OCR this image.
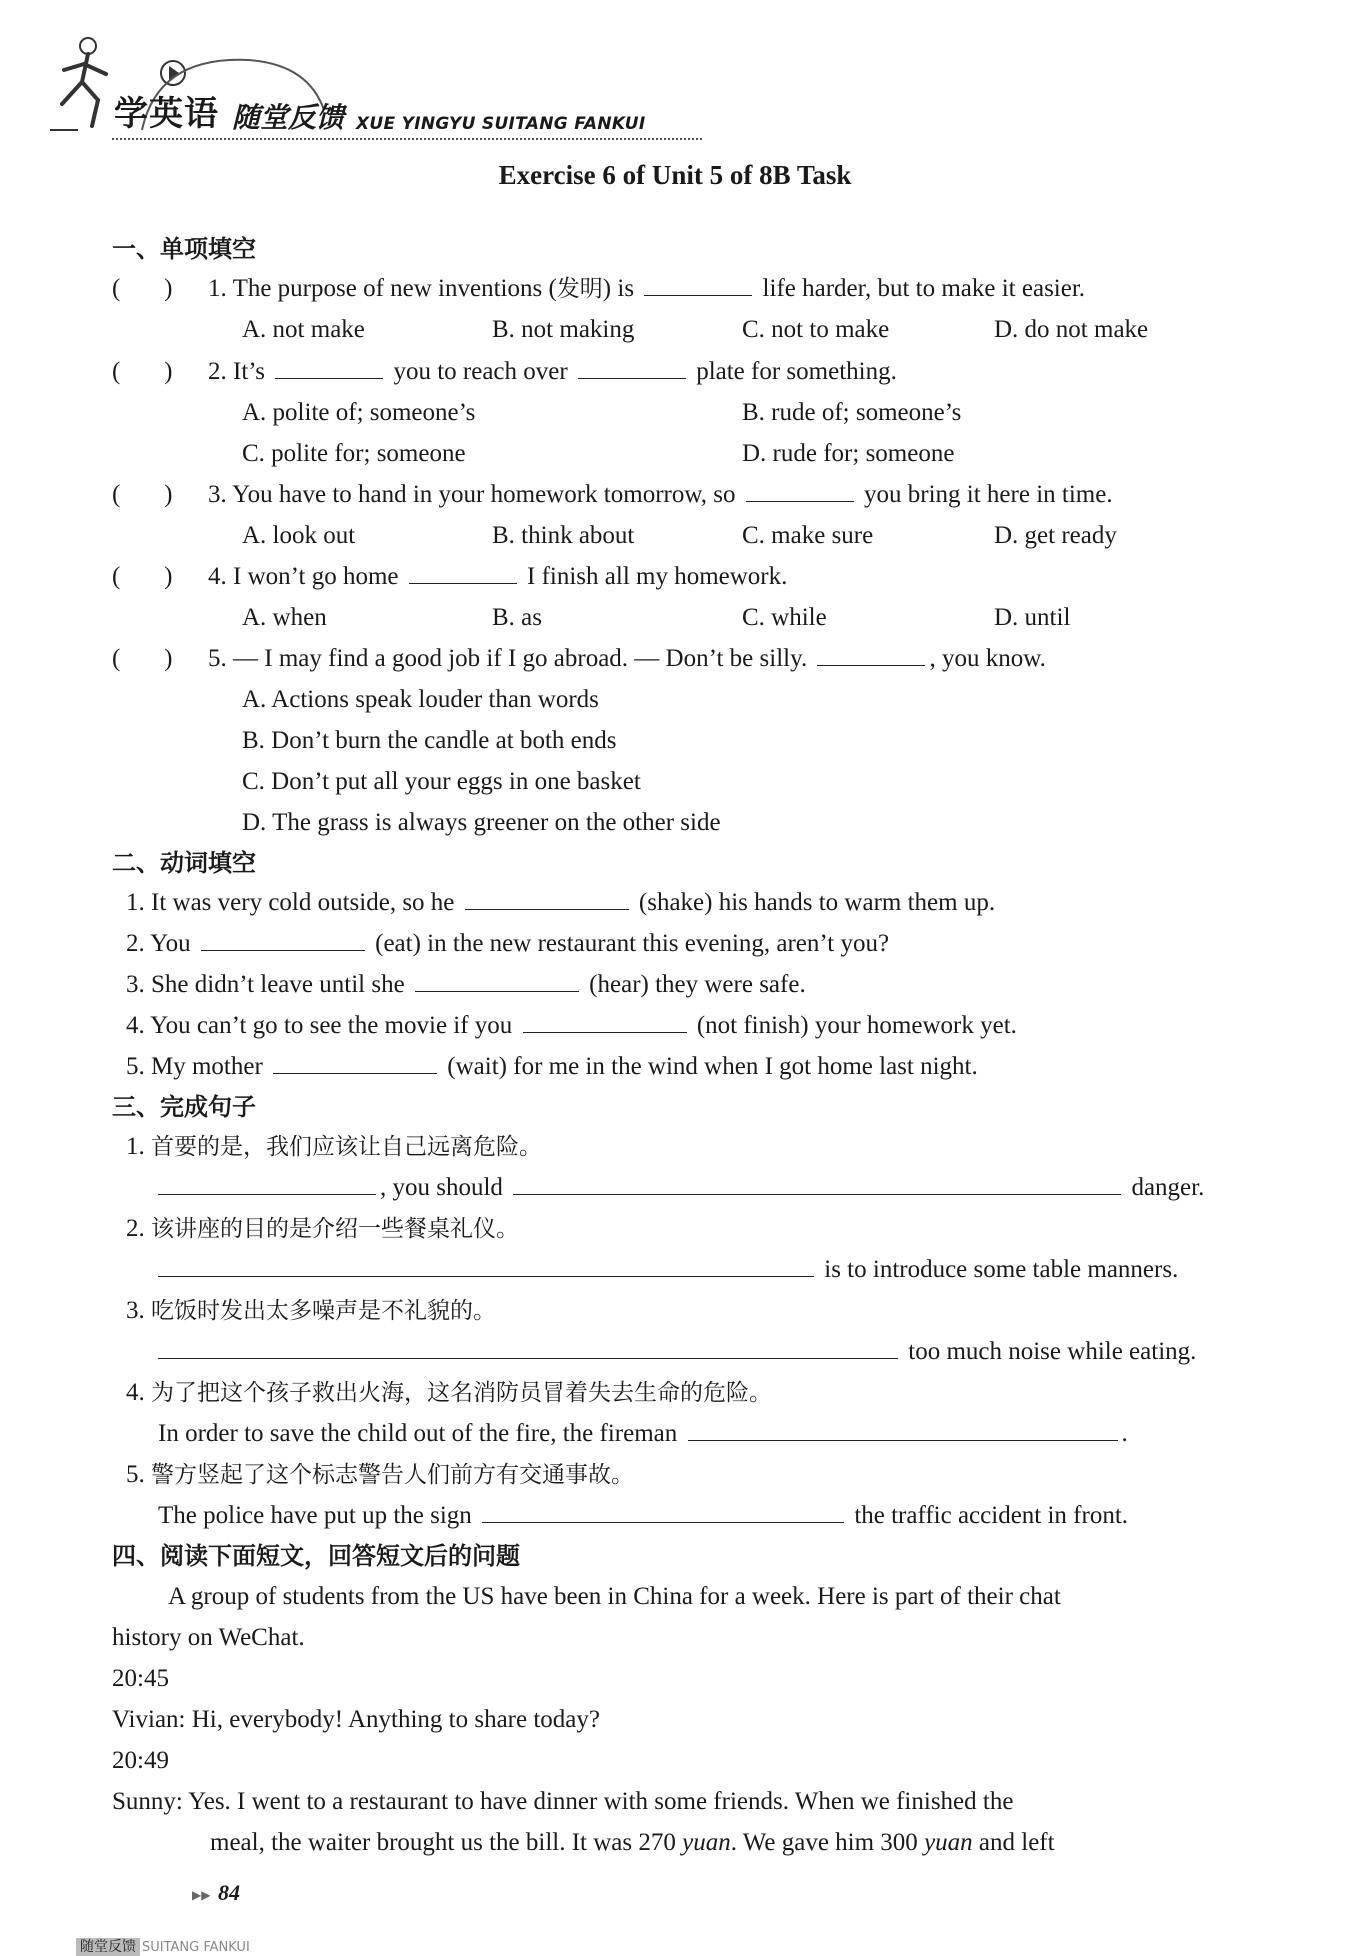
学英语 随堂反馈 XUE YINGYU SUITANG FANKUI
Exercise 6 of Unit 5 of 8B Task
一、单项填空
(       ) 1. The purpose of new inventions (发明) is	life harder, but to make it easier.
A. not make	B. not making	C. not to make	D. do not make
(       ) 2. It’s	you to reach over	plate for something.
A. polite of; someone’s	B. rude of; someone’s
C. polite for; someone	D. rude for; someone
(       ) 3. You have to hand in your homework tomorrow, so	you bring it here in time.
A. look out	B. think about	C. make sure	D. get ready
(       ) 4. I won’t go home	I finish all my homework.
A. when	B. as	C. while	D. until
(       ) 5. — I may find a good job if I go abroad. — Don’t be silly.	, you know.
A. Actions speak louder than words
B. Don’t burn the candle at both ends
C. Don’t put all your eggs in one basket
D. The grass is always greener on the other side
二、动词填空
1. It was very cold outside, so he	(shake) his hands to warm them up.
2. You	(eat) in the new restaurant this evening, aren’t you?
3. She didn’t leave until she	(hear) they were safe.
4. You can’t go to see the movie if you	(not finish) your homework yet.
5. My mother	(wait) for me in the wind when I got home last night.
三、完成句子
1. 首要的是，我们应该让自己远离危险。
, you should	danger.
2. 该讲座的目的是介绍一些餐桌礼仪。
is to introduce some table manners.
3. 吃饭时发出太多噪声是不礼貌的。
too much noise while eating.
4. 为了把这个孩子救出火海，这名消防员冒着失去生命的危险。
In order to save the child out of the fire, the fireman	.
5. 警方竖起了这个标志警告人们前方有交通事故。
The police have put up the sign	the traffic accident in front.
四、阅读下面短文，回答短文后的问题
A group of students from the US have been in China for a week. Here is part of their chat
history on WeChat.
20:45
Vivian: Hi, everybody! Anything to share today?
20:49
Sunny: Yes. I went to a restaurant to have dinner with some friends. When we finished the
meal, the waiter brought us the bill. It was 270 yuan. We gave him 300 yuan and left
▶▶ 84
随堂反馈 SUITANG FANKUI
